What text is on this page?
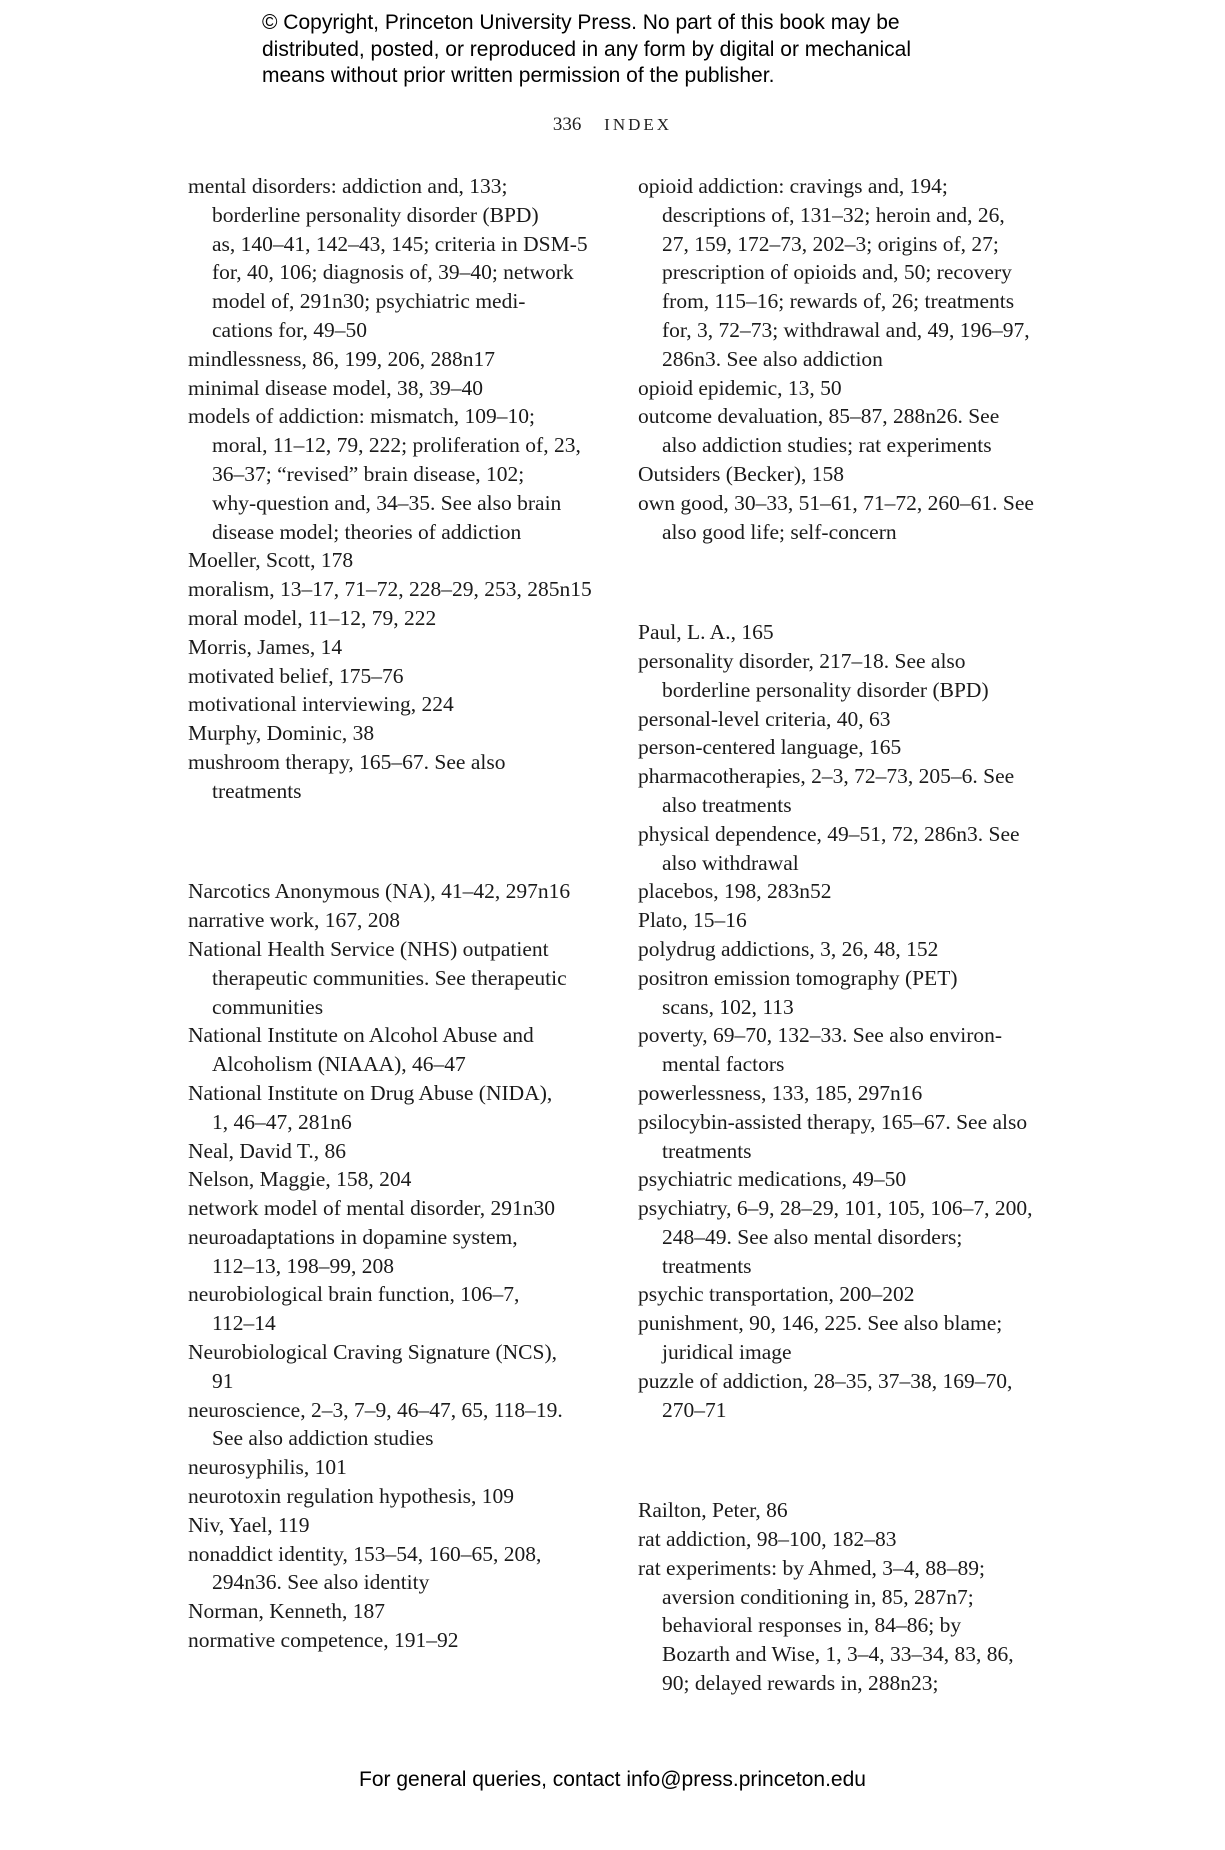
© Copyright, Princeton University Press. No part of this book may be
distributed, posted, or reproduced in any form by digital or mechanical
means without prior written permission of the publisher.
336 INDEX

mental disorders: addiction and, 133;
borderline personality disorder (BPD)
as, 140–41, 142–43, 145; criteria in DSM-5
for, 40, 106; diagnosis of, 39–40; network
model of, 291n30; psychiatric medi-
cations for, 49–50

mindlessness, 86, 199, 206, 288n17

minimal disease model, 38, 39–40

models of addiction: mismatch, 109–10;
moral, 11–12, 79, 222; proliferation of, 23,
36–37; “revised” brain disease, 102;
why-question and, 34–35. See also brain
disease model; theories of addiction

Moeller, Scott, 178

moralism, 13–17, 71–72, 228–29, 253, 285n15

moral model, 11–12, 79, 222

Morris, James, 14

motivated belief, 175–76

motivational interviewing, 224

Murphy, Dominic, 38

mushroom therapy, 165–67. See also
treatments

Narcotics Anonymous (NA), 41–42, 297n16

narrative work, 167, 208

National Health Service (NHS) outpatient
therapeutic communities. See therapeutic
communities

National Institute on Alcohol Abuse and
Alcoholism (NIAAA), 46–47

National Institute on Drug Abuse (NIDA),
1, 46–47, 281n6

Neal, David T., 86

Nelson, Maggie, 158, 204

network model of mental disorder, 291n30

neuroadaptations in dopamine system,
112–13, 198–99, 208

neurobiological brain function, 106–7,
112–14

Neurobiological Craving Signature (NCS),
91

neuroscience, 2–3, 7–9, 46–47, 65, 118–19.
See also addiction studies

neurosyphilis, 101

neurotoxin regulation hypothesis, 109

Niv, Yael, 119

nonaddict identity, 153–54, 160–65, 208,
294n36. See also identity

Norman, Kenneth, 187

normative competence, 191–92

opioid addiction: cravings and, 194;
descriptions of, 131–32; heroin and, 26,
27, 159, 172–73, 202–3; origins of, 27;
prescription of opioids and, 50; recovery
from, 115–16; rewards of, 26; treatments
for, 3, 72–73; withdrawal and, 49, 196–97,
286n3. See also addiction

opioid epidemic, 13, 50

outcome devaluation, 85–87, 288n26. See
also addiction studies; rat experiments

Outsiders (Becker), 158

own good, 30–33, 51–61, 71–72, 260–61. See
also good life; self-concern

Paul, L. A., 165

personality disorder, 217–18. See also
borderline personality disorder (BPD)

personal-level criteria, 40, 63

person-centered language, 165

pharmacotherapies, 2–3, 72–73, 205–6. See
also treatments

physical dependence, 49–51, 72, 286n3. See
also withdrawal

placebos, 198, 283n52

Plato, 15–16

polydrug addictions, 3, 26, 48, 152

positron emission tomography (PET)
scans, 102, 113

poverty, 69–70, 132–33. See also environ-
mental factors

powerlessness, 133, 185, 297n16

psilocybin-assisted therapy, 165–67. See also
treatments

psychiatric medications, 49–50

psychiatry, 6–9, 28–29, 101, 105, 106–7, 200,
248–49. See also mental disorders;
treatments

psychic transportation, 200–202

punishment, 90, 146, 225. See also blame;
juridical image

puzzle of addiction, 28–35, 37–38, 169–70,
270–71

Railton, Peter, 86

rat addiction, 98–100, 182–83

rat experiments: by Ahmed, 3–4, 88–89;
aversion conditioning in, 85, 287n7;
behavioral responses in, 84–86; by
Bozarth and Wise, 1, 3–4, 33–34, 83, 86,
90; delayed rewards in, 288n23;

For general queries, contact info@press.princeton.edu
